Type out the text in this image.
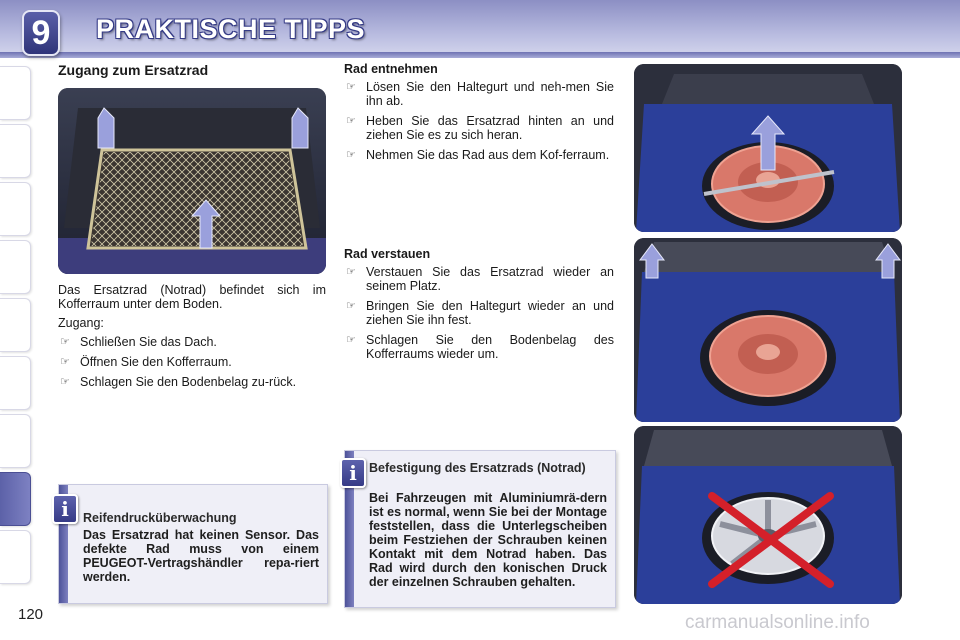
9	PRAKTISCHE TIPPS
Zugang zum Ersatzrad

Das Ersatzrad (Notrad) befindet sich im Kofferraum unter dem Boden.

Zugang:

☞ Schließen Sie das Dach.
☞ Öffnen Sie den Kofferraum.
☞ Schlagen Sie den Bodenbelag zu-rück.
Reifendrucküberwachung
Das Ersatzrad hat keinen Sensor. Das defekte Rad muss von einem PEUGEOT-Vertragshändler repa-riert werden.
i
Rad entnehmen
☞ Lösen Sie den Haltegurt und neh-men Sie ihn ab.
☞ Heben Sie das Ersatzrad hinten an und ziehen Sie es zu sich heran.
☞ Nehmen Sie das Rad aus dem Kof-ferraum.
Rad verstauen
☞ Verstauen Sie das Ersatzrad wieder an seinem Platz.
☞ Bringen Sie den Haltegurt wieder an und ziehen Sie ihn fest.
☞ Schlagen Sie den Bodenbelag des Kofferraums wieder um.
Befestigung des Ersatzrads (Notrad)
Bei Fahrzeugen mit Aluminiumrä-dern ist es normal, wenn Sie bei der Montage feststellen, dass die Unterlegscheiben beim Festziehen der Schrauben keinen Kontakt mit dem Notrad haben. Das Rad wird durch den konischen Druck der einzelnen Schrauben gehalten.
i
120	carmanualsonline.info
